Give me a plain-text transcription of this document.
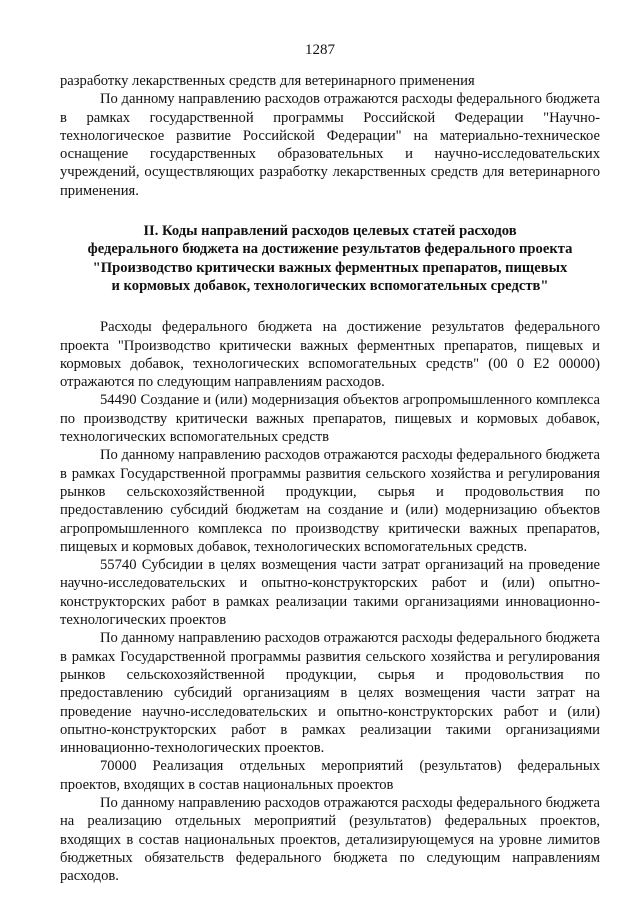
1287

разработку лекарственных средств для ветеринарного применения

По данному направлению расходов отражаются расходы федерального бюджета в рамках государственной программы Российской Федерации "Научно-технологическое развитие Российской Федерации" на материально-техническое оснащение государственных образовательных и научно-исследовательских учреждений, осуществляющих разработку лекарственных средств для ветеринарного применения.

II. Коды направлений расходов целевых статей расходов
федерального бюджета на достижение результатов федерального проекта
"Производство критически важных ферментных препаратов, пищевых
и кормовых добавок, технологических вспомогательных средств"

Расходы федерального бюджета на достижение результатов федерального проекта "Производство критически важных ферментных препаратов, пищевых и кормовых добавок, технологических вспомогательных средств" (00 0 Е2 00000) отражаются по следующим направлениям расходов.

54490 Создание и (или) модернизация объектов агропромышленного комплекса по производству критически важных препаратов, пищевых и кормовых добавок, технологических вспомогательных средств

По данному направлению расходов отражаются расходы федерального бюджета в рамках Государственной программы развития сельского хозяйства и регулирования рынков сельскохозяйственной продукции, сырья и продовольствия по предоставлению субсидий бюджетам на создание и (или) модернизацию объектов агропромышленного комплекса по производству критически важных препаратов, пищевых и кормовых добавок, технологических вспомогательных средств.

55740 Субсидии в целях возмещения части затрат организаций на проведение научно-исследовательских и опытно-конструкторских работ и (или) опытно-конструкторских работ в рамках реализации такими организациями инновационно-технологических проектов

По данному направлению расходов отражаются расходы федерального бюджета в рамках Государственной программы развития сельского хозяйства и регулирования рынков сельскохозяйственной продукции, сырья и продовольствия по предоставлению субсидий организациям в целях возмещения части затрат на проведение научно-исследовательских и опытно-конструкторских работ и (или) опытно-конструкторских работ в рамках реализации такими организациями инновационно-технологических проектов.

70000 Реализация отдельных мероприятий (результатов) федеральных проектов, входящих в состав национальных проектов

По данному направлению расходов отражаются расходы федерального бюджета на реализацию отдельных мероприятий (результатов) федеральных проектов, входящих в состав национальных проектов, детализирующемуся на уровне лимитов бюджетных обязательств федерального бюджета по следующим направлениям расходов.
